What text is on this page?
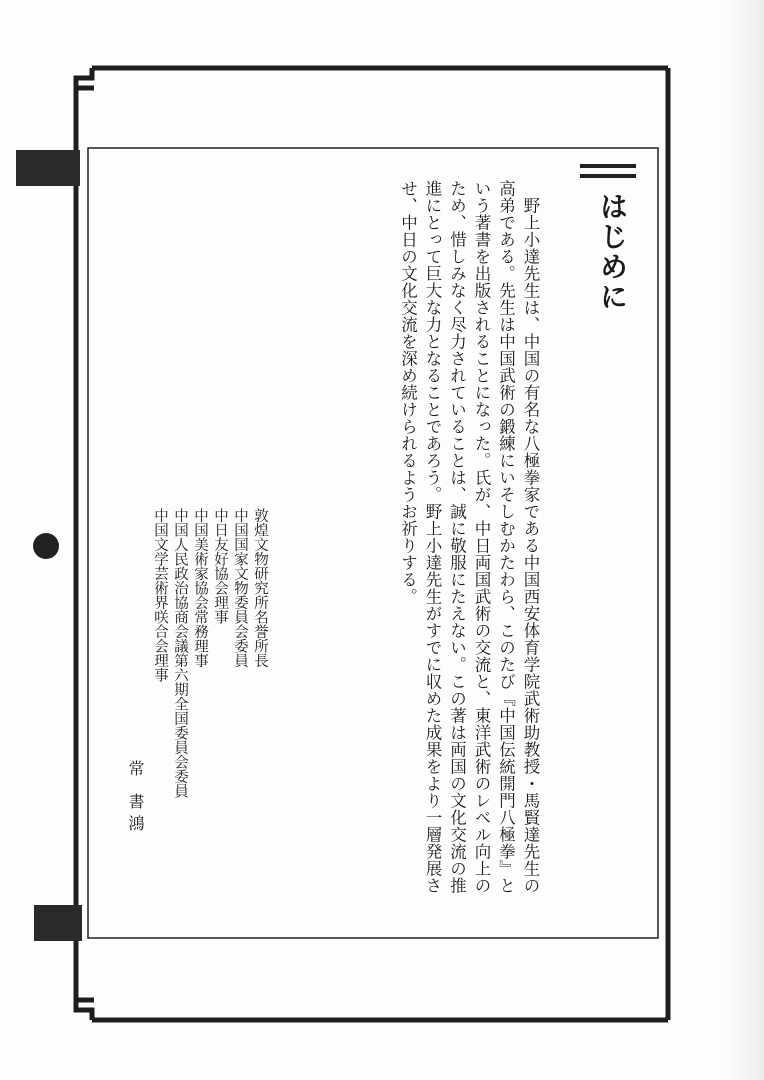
はじめに

野上小達先生は、中国の有名な八極拳家である中国西安体育学院武術助教授・馬賢達先生の高弟である。先生は中国武術の鍛練にいそしむかたわら、このたび『中国伝統開門八極拳』という著書を出版されることになった。氏が、中日両国武術の交流と、東洋武術のレベル向上のため、惜しみなく尽力されていることは、誠に敬服にたえない。この著は両国の文化交流の推進にとって巨大な力となることであろう。野上小達先生がすでに収めた成果をより一層発展させ、中日の文化交流を深め続けられるようお祈りする。

敦煌文物研究所名誉所長
中国国家文物委員会委員
中日友好協会理事
中国美術家協会常務理事
中国人民政治協商会議第六期全国委員会委員
中国文学芸術界咲合会理事
常 書鴻
